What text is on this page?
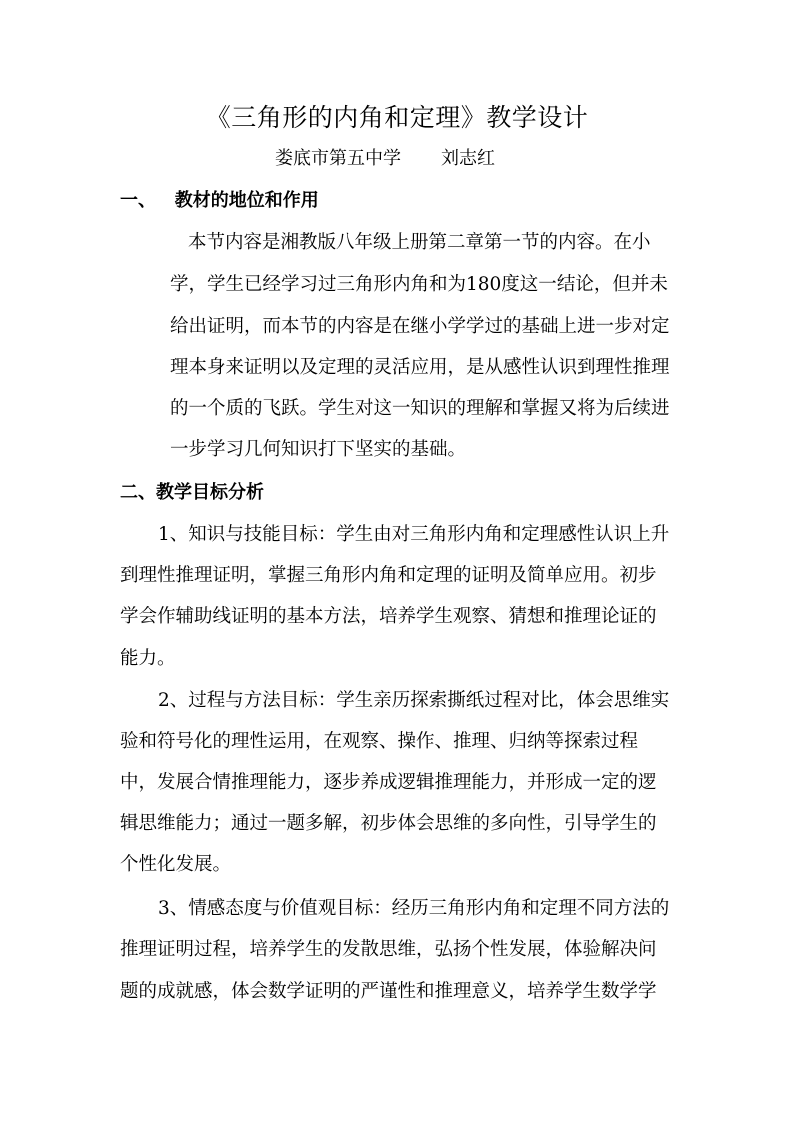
《三角形的内角和定理》教学设计
娄底市第五中学       刘志红
一、   教材的地位和作用
本节内容是湘教版八年级上册第二章第一节的内容。在小
学，学生已经学习过三角形内角和为180度这一结论，但并未
给出证明，而本节的内容是在继小学学过的基础上进一步对定
理本身来证明以及定理的灵活应用，是从感性认识到理性推理
的一个质的飞跃。学生对这一知识的理解和掌握又将为后续进
一步学习几何知识打下坚实的基础。
二、教学目标分析
1、知识与技能目标：学生由对三角形内角和定理感性认识上升
到理性推理证明，掌握三角形内角和定理的证明及简单应用。初步
学会作辅助线证明的基本方法，培养学生观察、猜想和推理论证的
能力。
2、过程与方法目标：学生亲历探索撕纸过程对比，体会思维实
验和符号化的理性运用，在观察、操作、推理、归纳等探索过程
中，发展合情推理能力，逐步养成逻辑推理能力，并形成一定的逻
辑思维能力；通过一题多解，初步体会思维的多向性，引导学生的
个性化发展。
3、情感态度与价值观目标：经历三角形内角和定理不同方法的
推理证明过程，培养学生的发散思维，弘扬个性发展，体验解决问
题的成就感，体会数学证明的严谨性和推理意义，培养学生数学学
